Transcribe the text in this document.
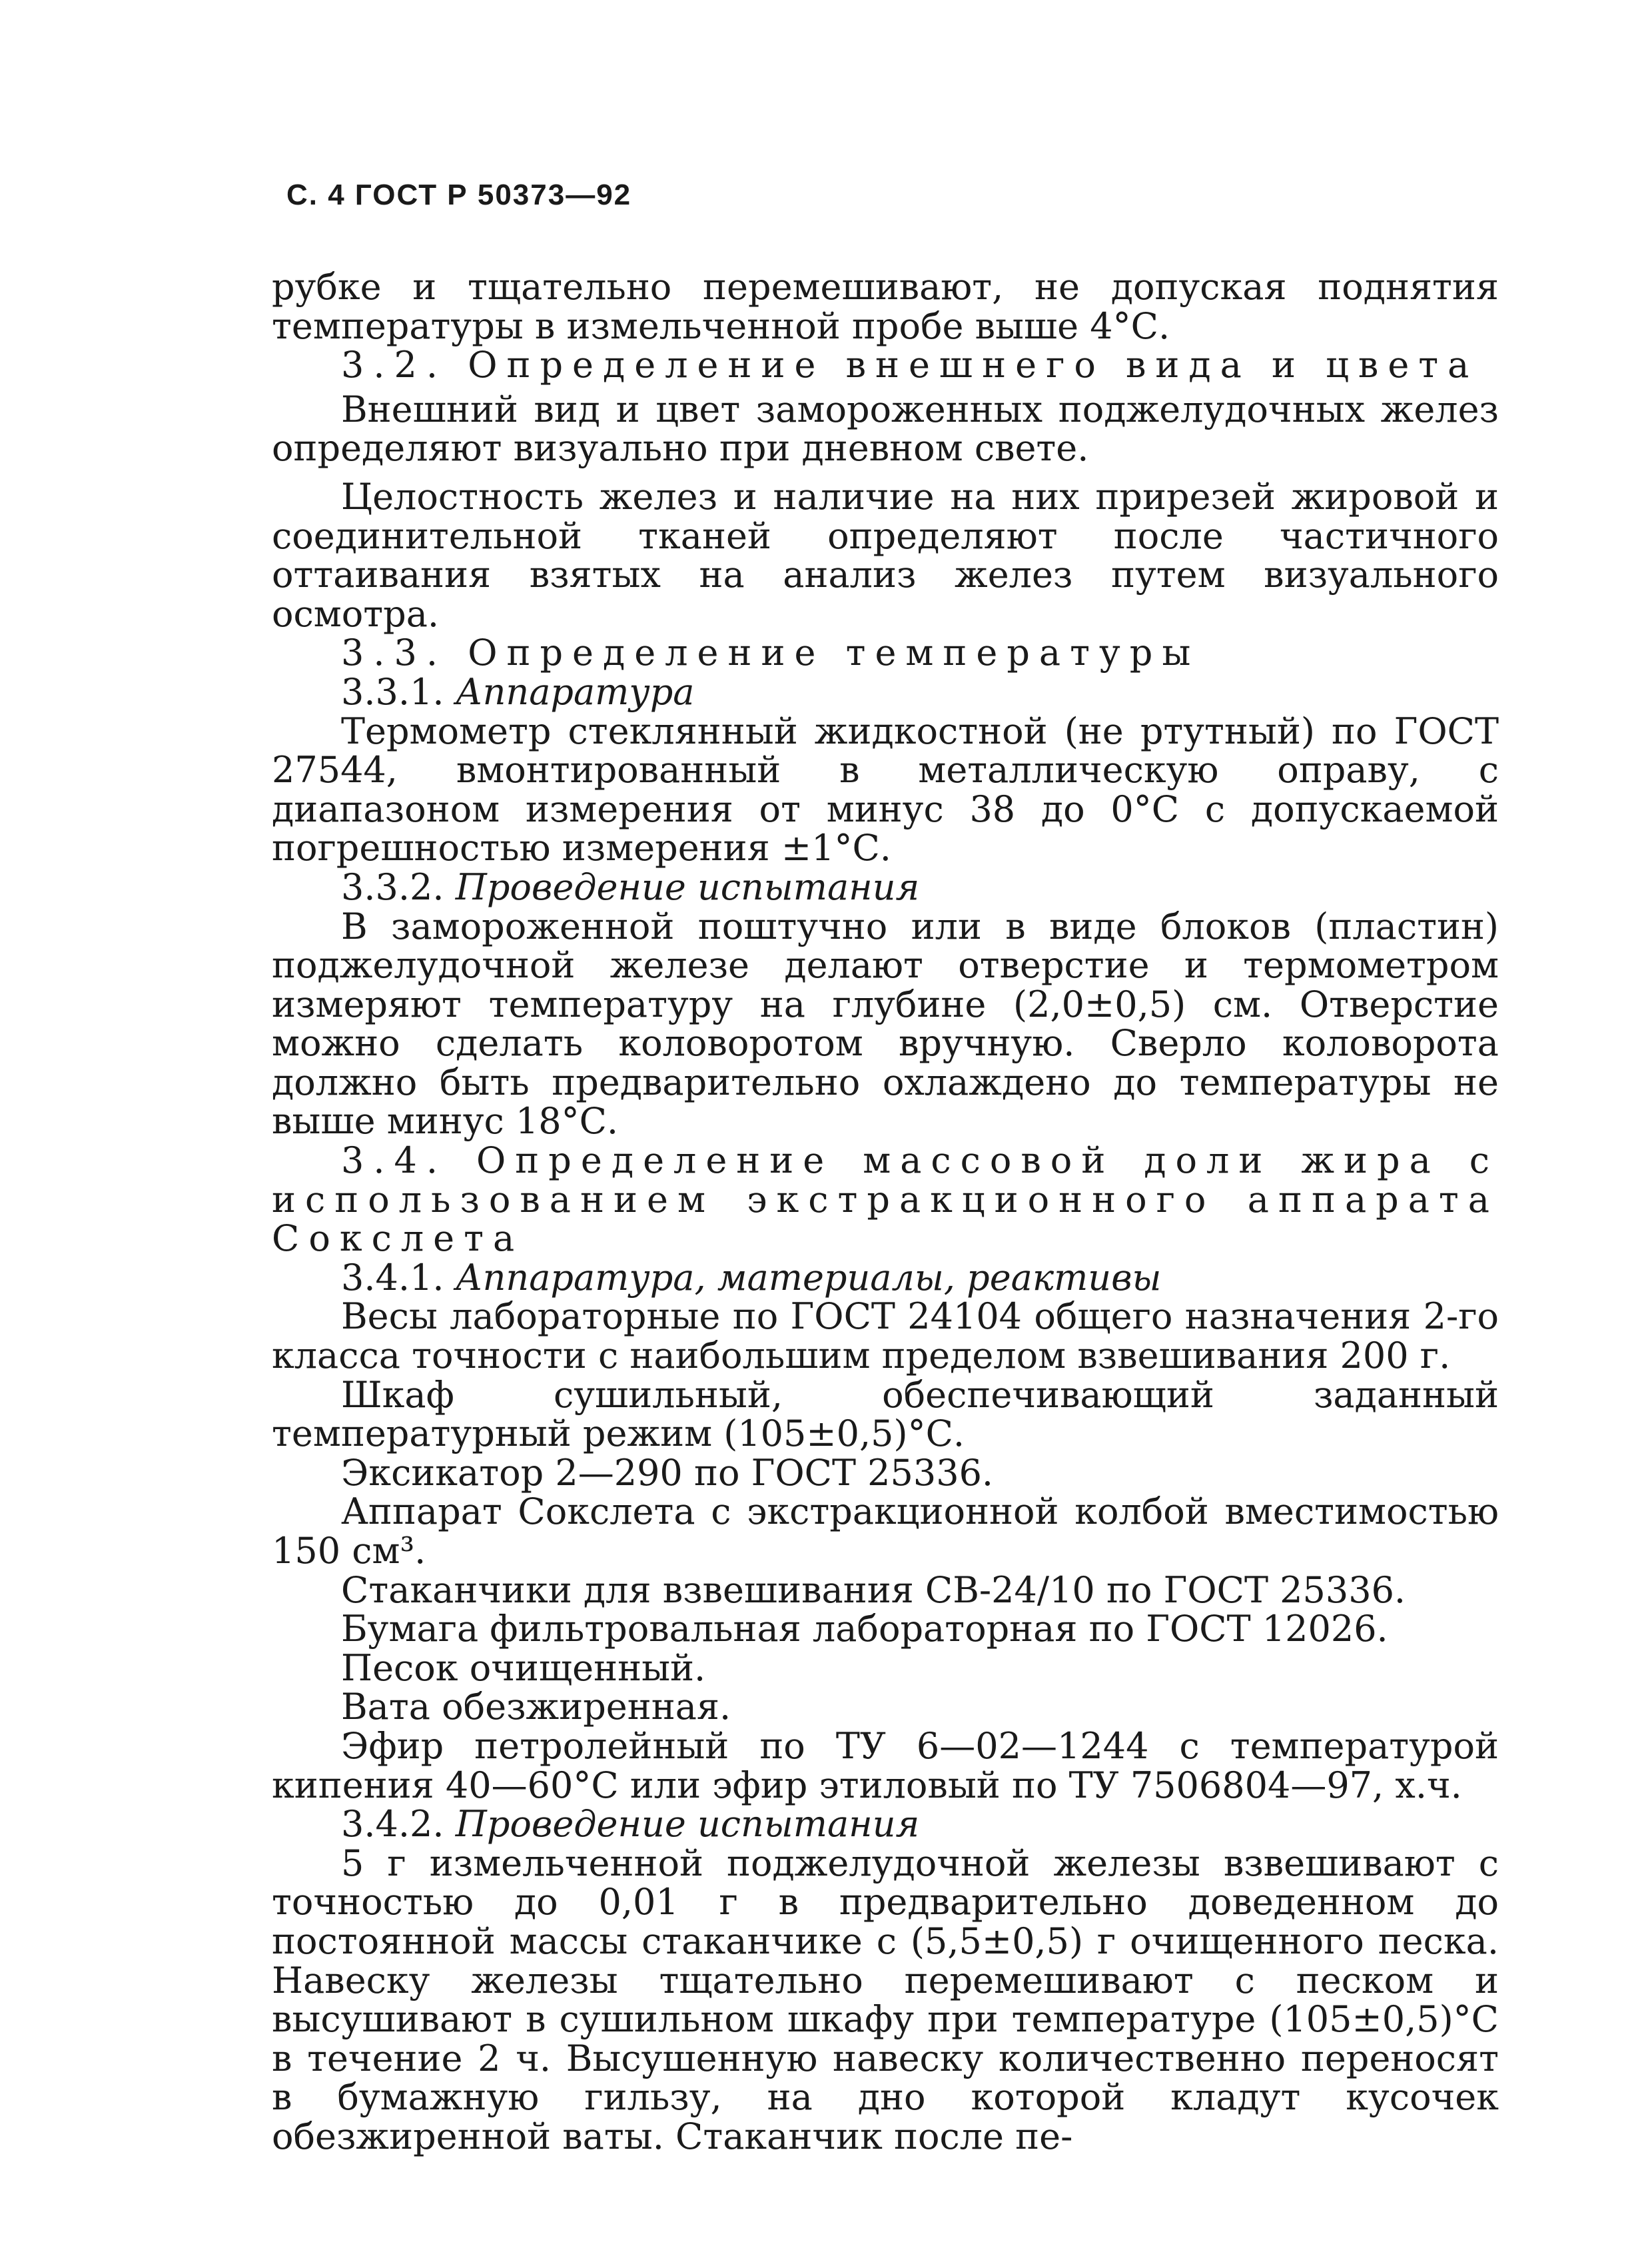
С. 4 ГОСТ Р 50373—92

рубке и тщательно перемешивают, не допуская поднятия температуры в измельченной пробе выше 4°С.

3.2. Определение внешнего вида и цвета

Внешний вид и цвет замороженных поджелудочных желез определяют визуально при дневном свете.

Целостность желез и наличие на них прирезей жировой и соединительной тканей определяют после частичного оттаивания взятых на анализ желез путем визуального осмотра.

3.3. Определение температуры

3.3.1. Аппаратура

Термометр стеклянный жидкостной (не ртутный) по ГОСТ 27544, вмонтированный в металлическую оправу, с диапазоном измерения от минус 38 до 0°С с допускаемой погрешностью измерения ±1°С.

3.3.2. Проведение испытания

В замороженной поштучно или в виде блоков (пластин) поджелудочной железе делают отверстие и термометром измеряют температуру на глубине (2,0±0,5) см. Отверстие можно сделать коловоротом вручную. Сверло коловорота должно быть предварительно охлаждено до температуры не выше минус 18°С.

3.4. Определение массовой доли жира с использованием экстракционного аппарата Сокслета

3.4.1. Аппаратура, материалы, реактивы

Весы лабораторные по ГОСТ 24104 общего назначения 2-го класса точности с наибольшим пределом взвешивания 200 г.

Шкаф сушильный, обеспечивающий заданный температурный режим (105±0,5)°С.

Эксикатор 2—290 по ГОСТ 25336.

Аппарат Сокслета с экстракционной колбой вместимостью 150 см³.

Стаканчики для взвешивания СВ-24/10 по ГОСТ 25336.

Бумага фильтровальная лабораторная по ГОСТ 12026.

Песок очищенный.

Вата обезжиренная.

Эфир петролейный по ТУ 6—02—1244 с температурой кипения 40—60°С или эфир этиловый по ТУ 7506804—97, х.ч.

3.4.2. Проведение испытания

5 г измельченной поджелудочной железы взвешивают с точностью до 0,01 г в предварительно доведенном до постоянной массы стаканчике с (5,5±0,5) г очищенного песка. Навеску железы тщательно перемешивают с песком и высушивают в сушильном шкафу при температуре (105±0,5)°С в течение 2 ч. Высушенную навеску количественно переносят в бумажную гильзу, на дно которой кладут кусочек обезжиренной ваты. Стаканчик после пе-
